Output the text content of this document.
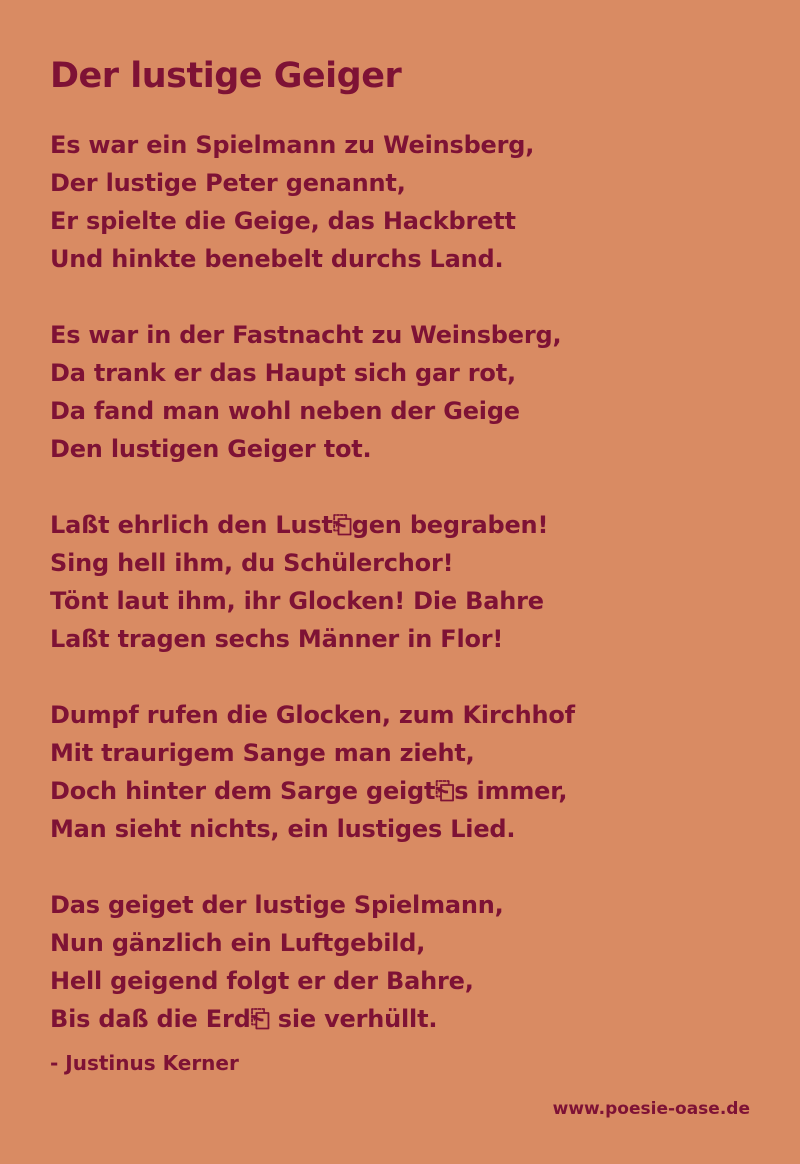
Der lustige Geiger
Es war ein Spielmann zu Weinsberg,
Der lustige Peter genannt,
Er spielte die Geige, das Hackbrett
Und hinkte benebelt durchs Land.
Es war in der Fastnacht zu Weinsberg,
Da trank er das Haupt sich gar rot,
Da fand man wohl neben der Geige
Den lustigen Geiger tot.
Laßt ehrlich den Lust⎗gen begraben!
Sing hell ihm, du Schülerchor!
Tönt laut ihm, ihr Glocken! Die Bahre
Laßt tragen sechs Männer in Flor!
Dumpf rufen die Glocken, zum Kirchhof
Mit traurigem Sange man zieht,
Doch hinter dem Sarge geigt⎗s immer,
Man sieht nichts, ein lustiges Lied.
Das geiget der lustige Spielmann,
Nun gänzlich ein Luftgebild,
Hell geigend folgt er der Bahre,
Bis daß die Erd⎗ sie verhüllt.
- Justinus Kerner
www.poesie-oase.de
